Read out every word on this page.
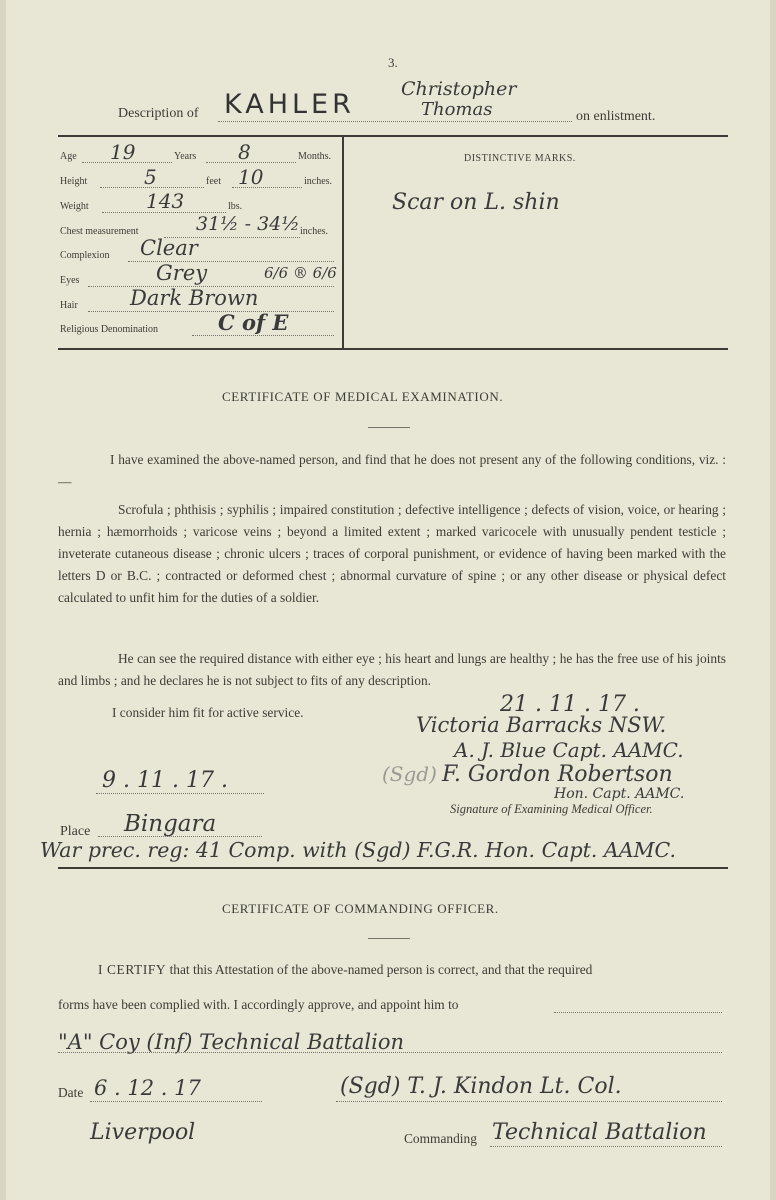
3.
Description of KAHLER Christopher
Thomas	on enlistment.
Age 19	Years 8	Months.
Height	5	feet 10	inches.
Weight	143	lbs.
Chest measurement	31½ - 34½ inches.
Complexion Clear
Eyes	Grey	6/6 ® 6/6
Hair Dark Brown
Religious Denomination	C of E
DISTINCTIVE MARKS.
Scar on L. shin
CERTIFICATE OF MEDICAL EXAMINATION.
I have examined the above-named person, and find that he does not present any of the following conditions, viz. :—
Scrofula ; phthisis ; syphilis ; impaired constitution ; defective intelligence ; defects of vision, voice, or hearing ; hernia ; hæmorrhoids ; varicose veins ; beyond a limited extent ; marked varicocele with unusually pendent testicle ; inveterate cutaneous disease ; chronic ulcers ; traces of corporal punishment, or evidence of having been marked with the letters D or B.C. ; contracted or deformed chest ; abnormal curvature of spine ; or any other disease or physical defect calculated to unfit him for the duties of a soldier.
He can see the required distance with either eye ; his heart and lungs are healthy ; he has the free use of his joints and limbs ; and he declares he is not subject to fits of any description.
I consider him fit for active service.	21 . 11 . 17 .
Victoria Barracks NSW.
A. J. Blue Capt. AAMC.
(Sgd) F. Gordon Robertson
Hon. Capt. AAMC.
Signature of Examining Medical Officer.
9 . 11 . 17 .
Place Bingara
War prec. reg: 41 Comp. with (Sgd) F.G.R. Hon. Capt. AAMC.
CERTIFICATE OF COMMANDING OFFICER.
I CERTIFY that this Attestation of the above-named person is correct, and that the required
forms have been complied with. I accordingly approve, and appoint him to
"A" Coy (Inf) Technical Battalion
Date 6 . 12 . 17	(Sgd) T. J. Kindon Lt. Col.
Liverpool	Commanding Technical Battalion
